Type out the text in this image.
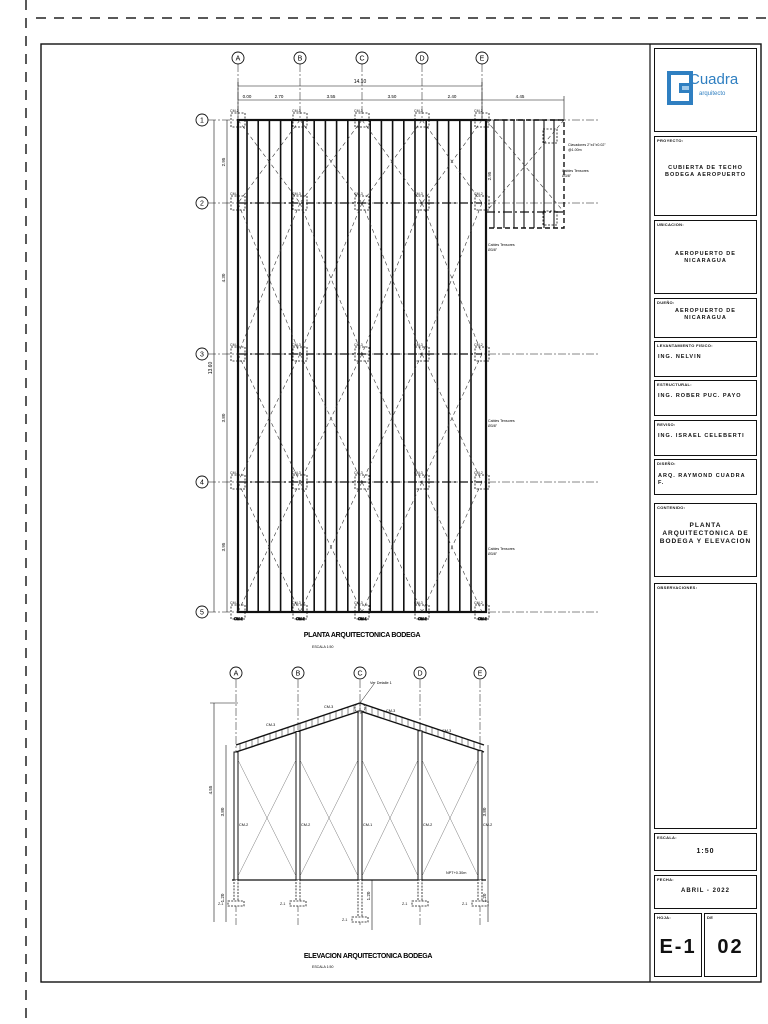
A	B	C	D	E
1
2
3
4
5
CM-2	CM-3	CM-3	CM-3	CM-2
CM-2	CM-3	CM-3	CM-3	CM-2
CM-2	CM-3	CM-3	CM-3	CM-2
CM-2	CM-3	CM-3	CM-3	CM-2
CM-2	CM-3	CM-3	CM-3	CM-2
CM-2	CM-2	CM-1	CM-2	CM-2
14.10
0.00	2.70	3.55	3.50	2.40	4.45
13.60
2.95
4.30
3.80
3.95
2.95
Clavadores 2"x4"x0.02" @1.00m
Cables Tensores Ø3/8"
Cables Tensores Ø3/8"
Cables Tensores Ø3/8"
Cables Tensores Ø3/8"
PLANTA ARQUITECTONICA BODEGA
ESCALA 1:50
A	B	C	D	E
CM-2	CM-2	CM-1	CM-2	CM-2
CM-3
CM-3
CM-3
CM-3
Z-1	Z-1
Z-1
Z-1	Z-1
Ver Detalle 1
4.55
3.80	3.80
1.20	1.20	1.20
NPT+0.30m
ELEVACION ARQUITECTONICA BODEGA
ESCALA 1:50
Cuadra
arquitecto
PROYECTO:
CUBIERTA DE TECHO BODEGA AEROPUERTO
UBICACION:
AEROPUERTO DE NICARAGUA
DUEÑO:
AEROPUERTO DE NICARAGUA
LEVANTAMIENTO FISICO:
ING. NELVIN
ESTRUCTURAL:
ING. ROBER PUC. PAYO
REVISO:
ING. ISRAEL CELEBERTI
DISEÑO:
ARQ. RAYMOND CUADRA F.
CONTENIDO:
PLANTA ARQUITECTONICA DE BODEGA Y ELEVACION
OBSERVACIONES:
ESCALA:
1:50
FECHA:
ABRIL - 2022
HOJA:
E-1
DE
02
